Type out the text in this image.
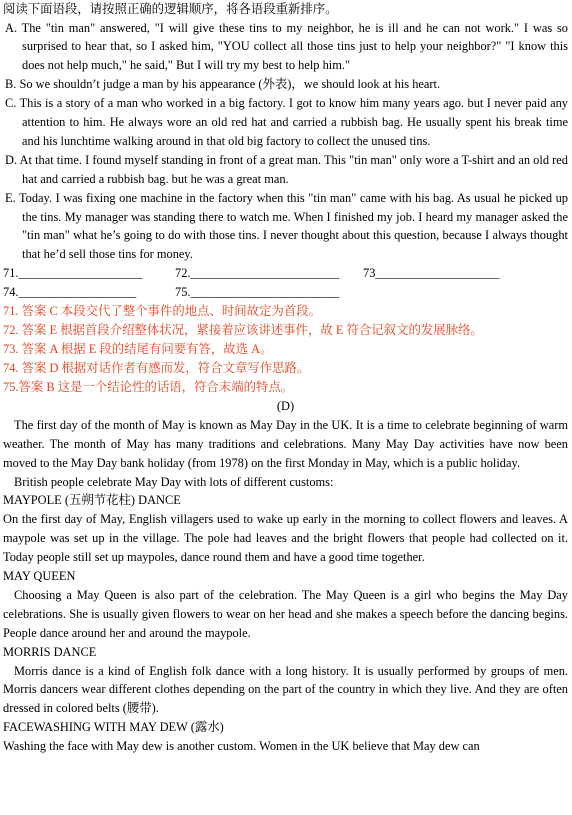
阅读下面语段，请按照正确的逻辑顺序，将各语段重新排序。

A. The "tin man" answered, "I will give these tins to my neighbor, he is ill and he can not work." I was so surprised to hear that, so I asked him, "YOU collect all those tins just to help your neighbor?" "I know this does not help much," he said," But I will try my best to help him."

B. So we shouldn’t judge a man by his appearance (外表)，we should look at his heart.

C. This is a story of a man who worked in a big factory. I got to know him many years ago. but I never paid any attention to him. He always wore an old red hat and carried a rubbish bag. He usually spent his break time and his lunchtime walking around in that old big factory to collect the unused tins.

D. At that time. I found myself standing in front of a great man. This "tin man" only wore a T-shirt and an old red hat and carried a rubbish bag. but he was a great man.

E. Today. I was fixing one machine in the factory when this "tin man" came with his bag. As usual he picked up the tins. My manager was standing there to watch me. When I finished my job. I heard my manager asked the "tin man" what he’s going to do with those tins. I never thought about this question, because I always thought that he’d sell those tins for money.

71.____________________	72.________________________ 73____________________
74.___________________	75.________________________

71. 答案 C 本段交代了整个事件的地点、时间故定为首段。

72. 答案 E 根据首段介绍整体状况，紧接着应该讲述事件，故 E 符合记叙文的发展脉络。

73. 答案 A 根据 E 段的结尾有问要有答，故选 A。

74. 答案 D 根据对话作者有感而发，符合文章写作思路。

75.答案 B 这是一个结论性的话语，符合末端的特点。

(D)

The first day of the month of May is known as May Day in the UK. It is a time to celebrate beginning of warm weather. The month of May has many traditions and celebrations. Many May Day activities have now been moved to the May Day bank holiday (from 1978) on the first Monday in May, which is a public holiday.

British people celebrate May Day with lots of different customs:

MAYPOLE (五朔节花柱) DANCE

On the first day of May, English villagers used to wake up early in the morning to collect flowers and leaves. A maypole was set up in the village. The pole had leaves and the bright flowers that people had collected on it. Today people still set up maypoles, dance round them and have a good time together.

MAY QUEEN

Choosing a May Queen is also part of the celebration. The May Queen is a girl who begins the May Day celebrations. She is usually given flowers to wear on her head and she makes a speech before the dancing begins. People dance around her and around the maypole.

MORRIS DANCE

Morris dance is a kind of English folk dance with a long history. It is usually performed by groups of men. Morris dancers wear different clothes depending on the part of the country in which they live. And they are often dressed in colored belts (腰带).

FACEWASHING WITH MAY DEW (露水)

Washing the face with May dew is another custom. Women in the UK believe that May dew can
